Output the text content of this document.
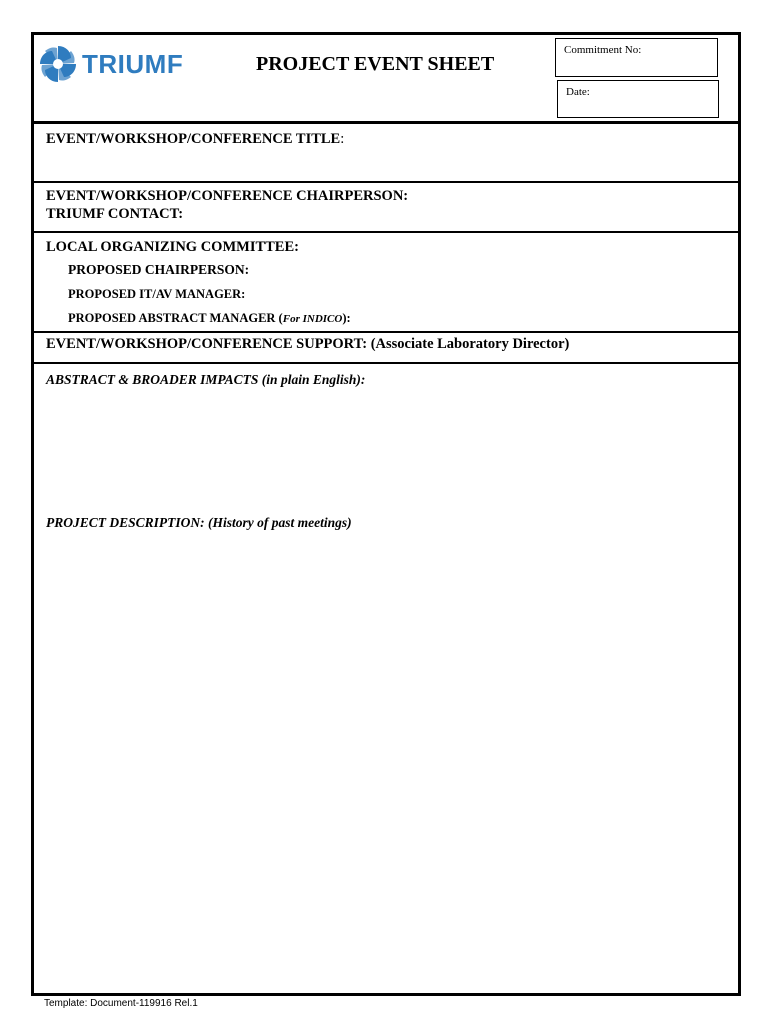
TRIUMF	PROJECT EVENT SHEET
Commitment No:
Date:
EVENT/WORKSHOP/CONFERENCE TITLE:
EVENT/WORKSHOP/CONFERENCE CHAIRPERSON:
TRIUMF CONTACT:
LOCAL ORGANIZING COMMITTEE:
PROPOSED CHAIRPERSON:
PROPOSED IT/AV MANAGER:
PROPOSED ABSTRACT MANAGER (For INDICO):
EVENT/WORKSHOP/CONFERENCE SUPPORT: (Associate Laboratory Director)
ABSTRACT & BROADER IMPACTS (in plain English):
PROJECT DESCRIPTION: (History of past meetings)
Template: Document-119916 Rel.1
